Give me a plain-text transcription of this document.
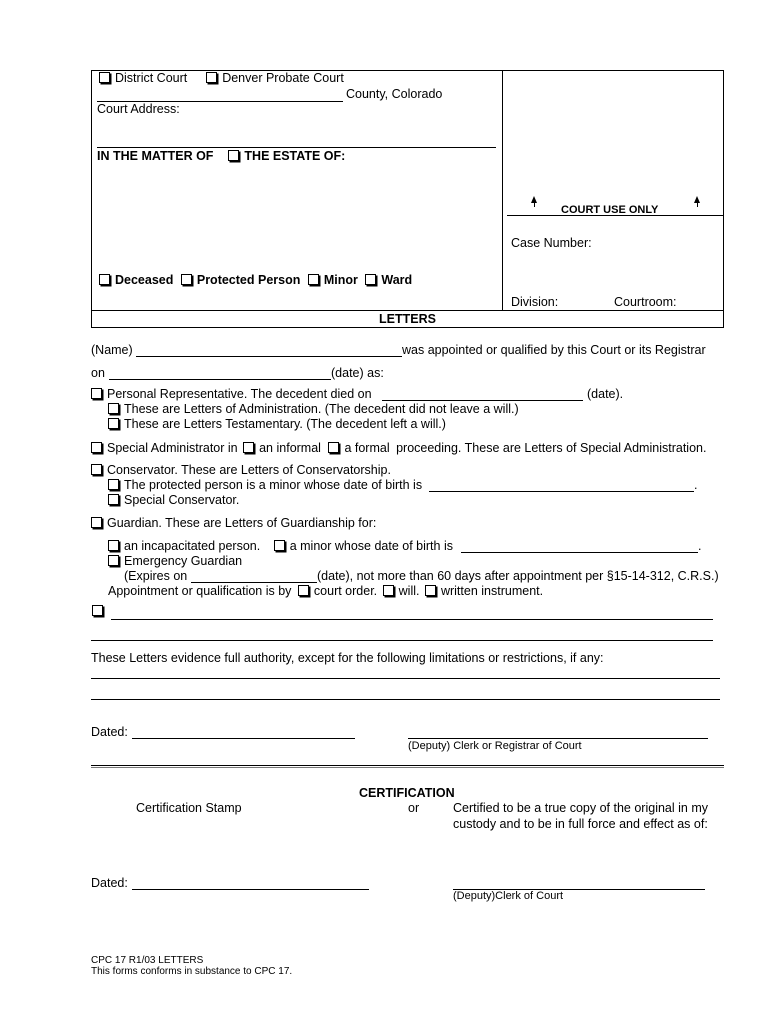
District Court	Denver Probate Court
County, Colorado
Court Address:
IN THE MATTER OF THE ESTATE OF:
Deceased Protected Person Minor Ward
COURT USE ONLY
Case Number:
Division:	Courtroom:
LETTERS
(Name)	was appointed or qualified by this Court or its Registrar
on	(date) as:
Personal Representative. The decedent died on	(date).
These are Letters of Administration. (The decedent did not leave a will.)
These are Letters Testamentary. (The decedent left a will.)
Special Administrator in an informal a formal proceeding. These are Letters of Special Administration.
Conservator. These are Letters of Conservatorship.
The protected person is a minor whose date of birth is	.
Special Conservator.
Guardian. These are Letters of Guardianship for:
an incapacitated person. a minor whose date of birth is	.
Emergency Guardian
(Expires on	(date), not more than 60 days after appointment per §15-14-312, C.R.S.)
Appointment or qualification is by court order. will. written instrument.
These Letters evidence full authority, except for the following limitations or restrictions, if any:
Dated:
(Deputy) Clerk or Registrar of Court
CERTIFICATION
Certification Stamp	or	Certified to be a true copy of the original in my
custody and to be in full force and effect as of:
Dated:
(Deputy)Clerk of Court
CPC 17 R1/03 LETTERS
This forms conforms in substance to CPC 17.
